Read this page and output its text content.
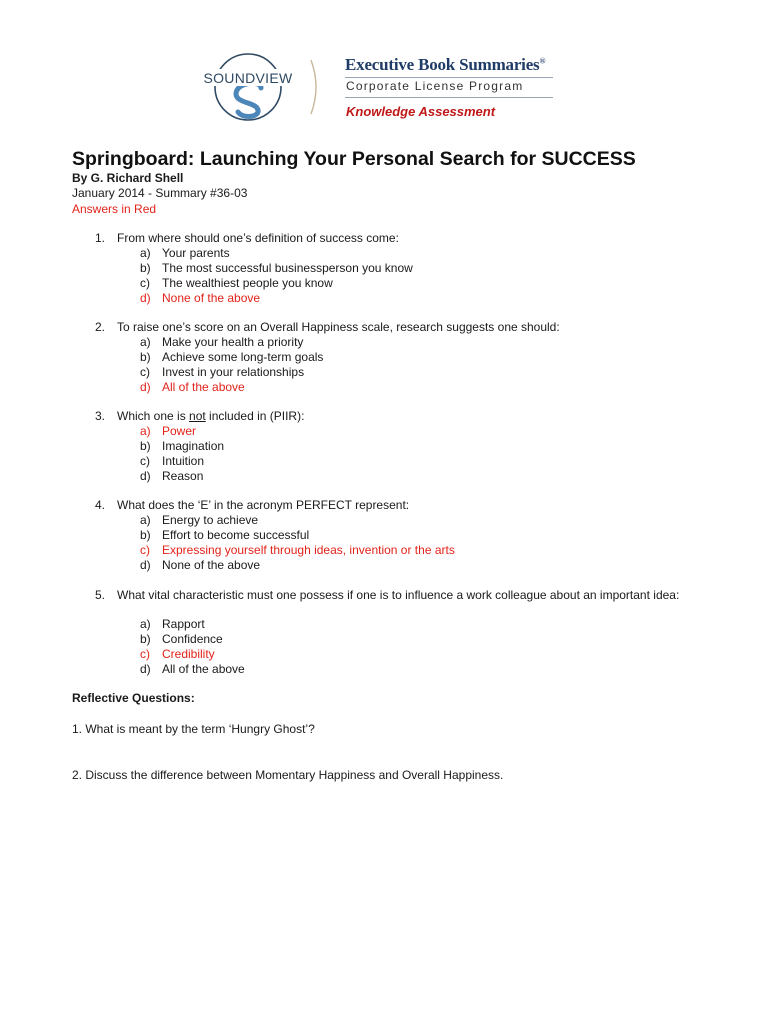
SOUNDVIEW
Executive Book Summaries®
Corporate License Program
Knowledge Assessment
Springboard: Launching Your Personal Search for SUCCESS
By G. Richard Shell
January 2014 - Summary #36-03
Answers in Red
1. From where should one’s definition of success come:
a) Your parents
b) The most successful businessperson you know
c) The wealthiest people you know
d) None of the above
2. To raise one’s score on an Overall Happiness scale, research suggests one should:
a) Make your health a priority
b) Achieve some long-term goals
c) Invest in your relationships
d) All of the above
3. Which one is not included in (PIIR):
a) Power
b) Imagination
c) Intuition
d) Reason
4. What does the ‘E’ in the acronym PERFECT represent:
a) Energy to achieve
b) Effort to become successful
c) Expressing yourself through ideas, invention or the arts
d) None of the above
5. What vital characteristic must one possess if one is to influence a work colleague about an important idea:
a) Rapport
b) Confidence
c) Credibility
d) All of the above
Reflective Questions:
1. What is meant by the term ‘Hungry Ghost’?
2. Discuss the difference between Momentary Happiness and Overall Happiness.
